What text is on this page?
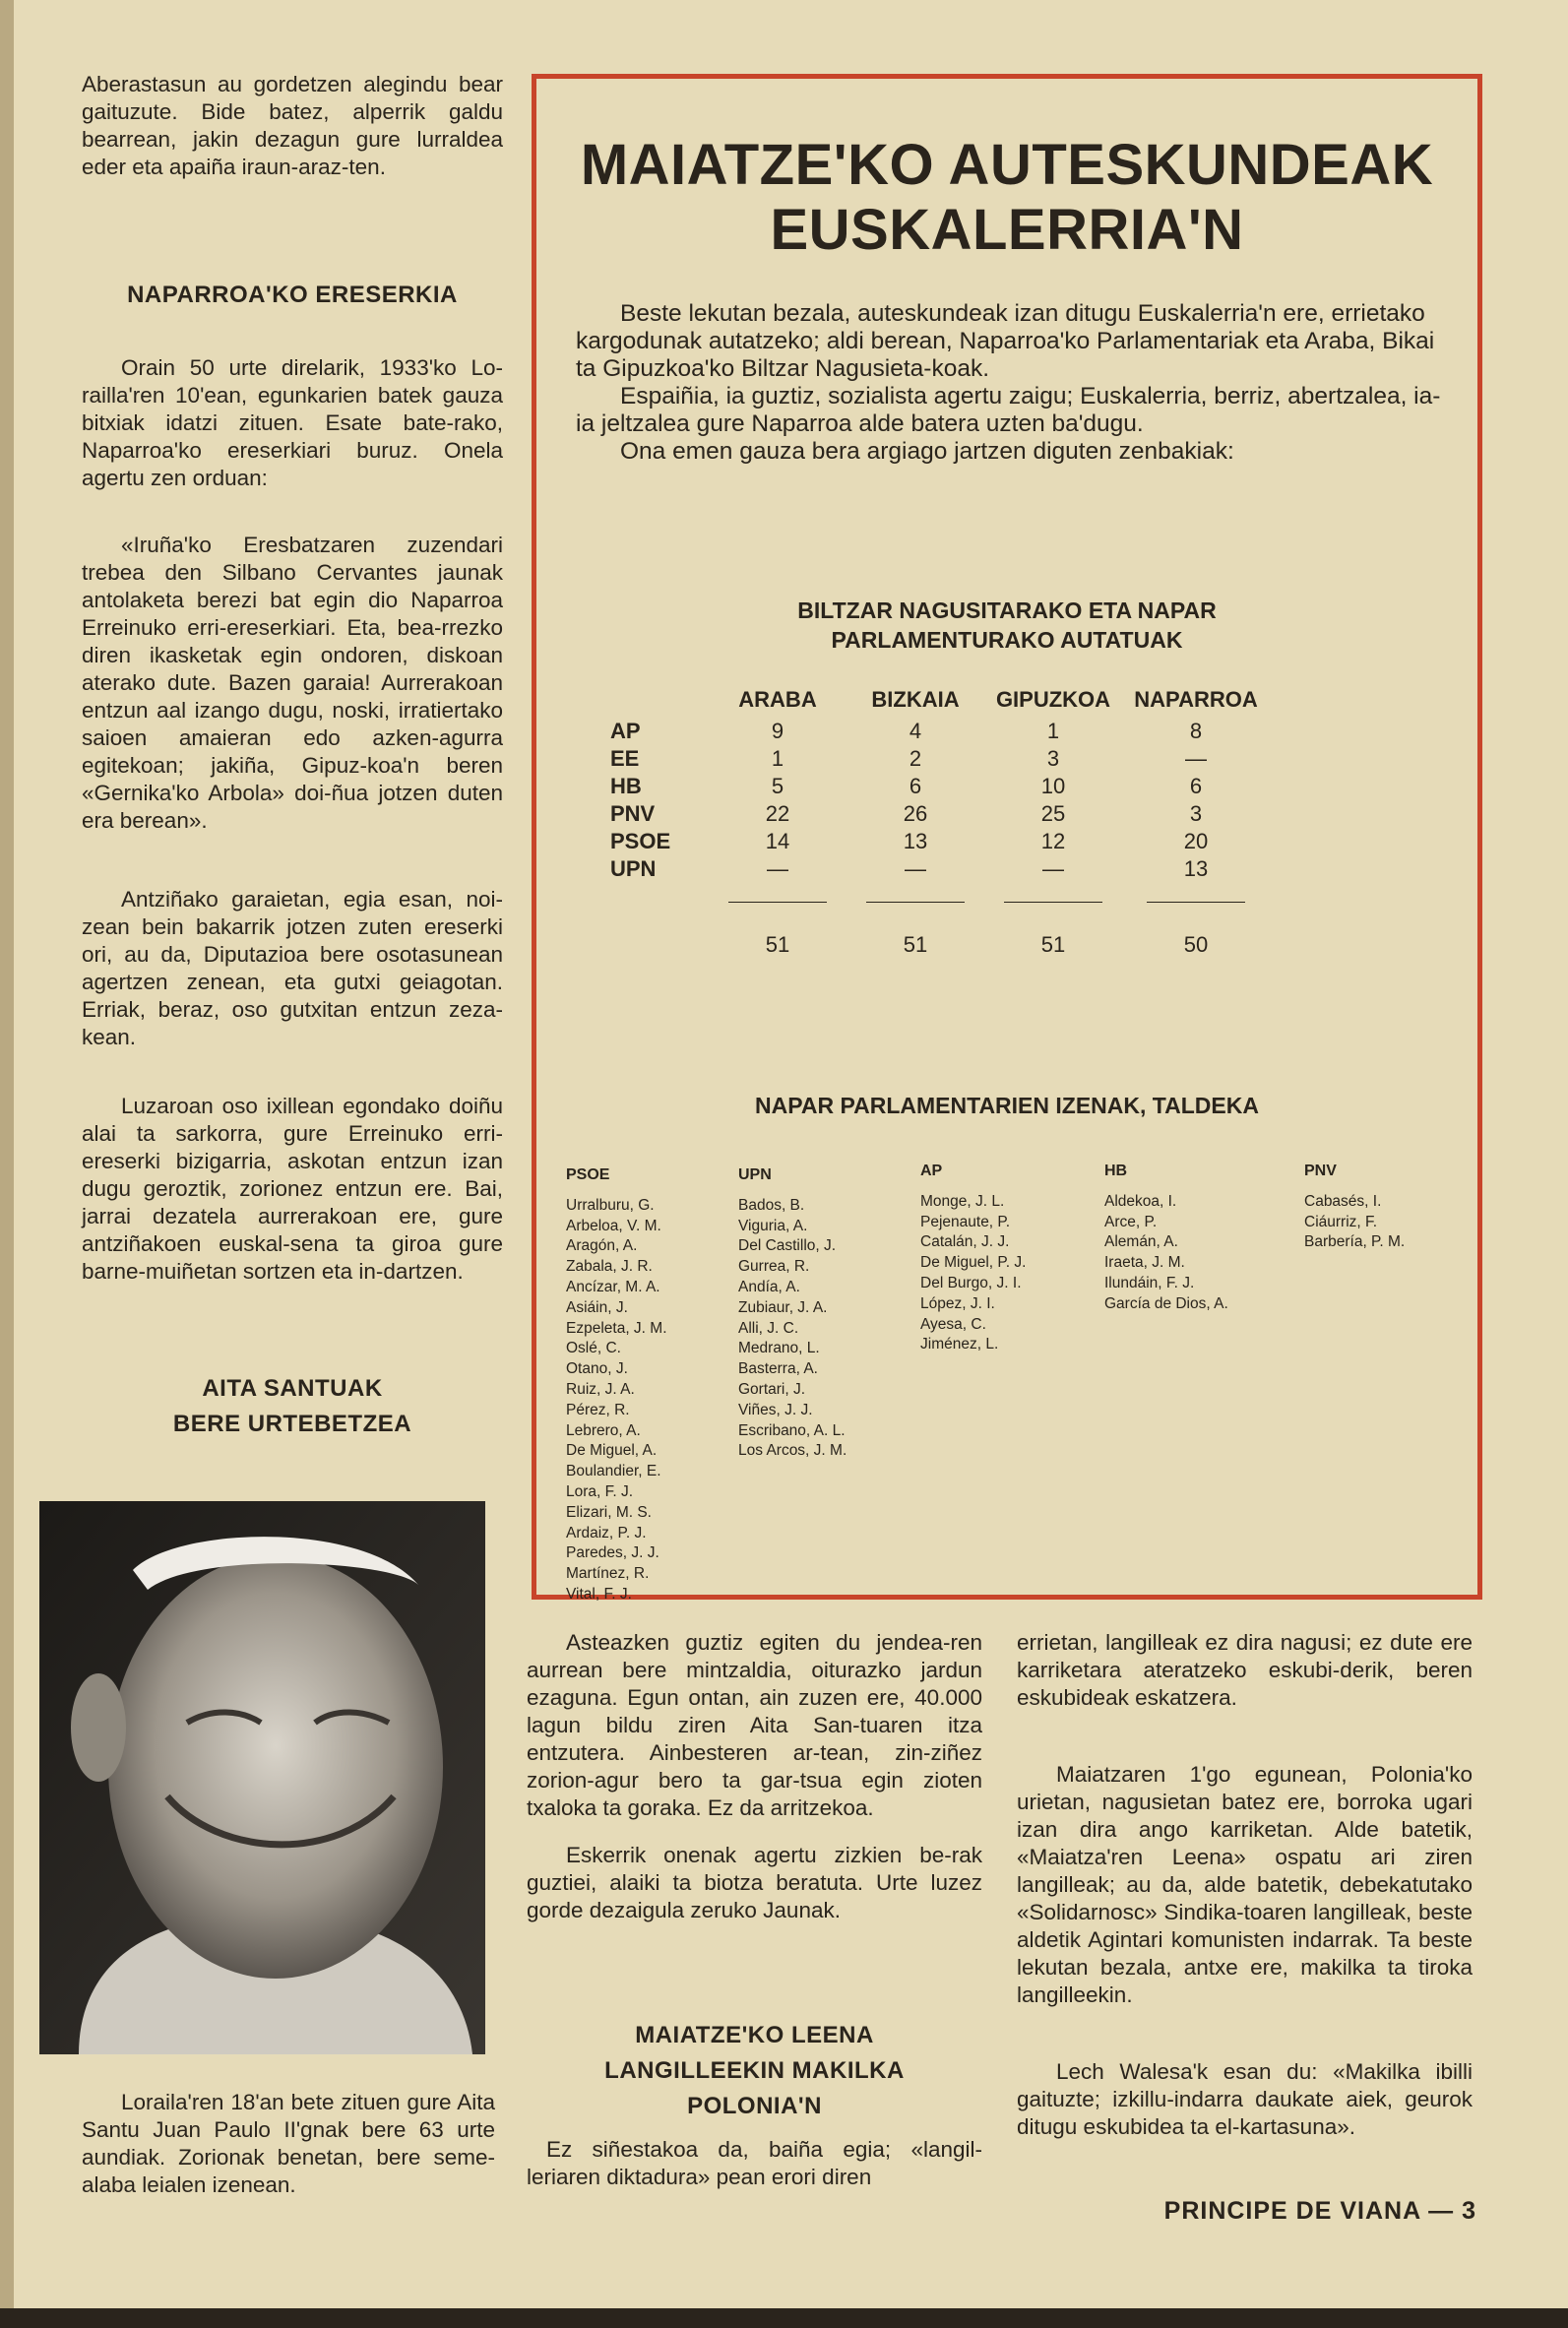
Aberastasun au gordetzen alegindu bear gaituzute. Bide batez, alperrik galdu bearrean, jakin dezagun gure lurraldea eder eta apaiña iraun-araz-ten.

NAPARROA'KO ERESERKIA

Orain 50 urte direlarik, 1933'ko Lo-railla'ren 10'ean, egunkarien batek gauza bitxiak idatzi zituen. Esate bate-rako, Naparroa'ko ereserkiari buruz. Onela agertu zen orduan:

«Iruña'ko Eresbatzaren zuzendari trebea den Silbano Cervantes jaunak antolaketa berezi bat egin dio Naparroa Erreinuko erri-ereserkiari. Eta, bea-rrezko diren ikasketak egin ondoren, diskoan aterako dute. Bazen garaia! Aurrerakoan entzun aal izango dugu, noski, irratiertako saioen amaieran edo azken-agurra egitekoan; jakiña, Gipuz-koa'n beren «Gernika'ko Arbola» doi-ñua jotzen duten era berean».

Antziñako garaietan, egia esan, noi-zean bein bakarrik jotzen zuten ereserki ori, au da, Diputazioa bere osotasunean agertzen zenean, eta gutxi geiagotan. Erriak, beraz, oso gutxitan entzun zeza-kean.

Luzaroan oso ixillean egondako doiñu alai ta sarkorra, gure Erreinuko erri-ereserki bizigarria, askotan entzun izan dugu geroztik, zorionez entzun ere. Bai, jarrai dezatela aurrerakoan ere, gure antziñakoen euskal-sena ta giroa gure barne-muiñetan sortzen eta in-dartzen.

AITA SANTUAK
BERE URTEBETZEA

Loraila'ren 18'an bete zituen gure Aita Santu Juan Paulo II'gnak bere 63 urte aundiak. Zorionak benetan, bere seme-alaba leialen izenean.

MAIATZE'KO AUTESKUNDEAK
EUSKALERRIA'N

Beste lekutan bezala, auteskundeak izan ditugu Euskalerria'n ere, errietako kargodunak autatzeko; aldi berean, Naparroa'ko Parlamentariak eta Araba, Bikai ta Gipuzkoa'ko Biltzar Nagusieta-koak.

Espaiñia, ia guztiz, sozialista agertu zaigu; Euskalerria, berriz, abertzalea, ia-ia jeltzalea gure Naparroa alde batera uzten ba'dugu.

Ona emen gauza bera argiago jartzen diguten zenbakiak:

BILTZAR NAGUSITARAKO ETA NAPAR
PARLAMENTURAKO AUTATUAK
	ARABA	BIZKAIA	GIPUZKOA	NAPARROA
AP	9	4	1	8
EE	1	2	3	—
HB	5	6	10	6
PNV	22	26	25	3
PSOE	14	13	12	20
UPN	—	—	—	13

	51	51	51	50
NAPAR PARLAMENTARIEN IZENAK, TALDEKA
PSOE
Urralburu, G.
Arbeloa, V. M.
Aragón, A.
Zabala, J. R.
Ancízar, M. A.
Asiáin, J.
Ezpeleta, J. M.
Oslé, C.
Otano, J.
Ruiz, J. A.
Pérez, R.
Lebrero, A.
De Miguel, A.
Boulandier, E.
Lora, F. J.
Elizari, M. S.
Ardaiz, P. J.
Paredes, J. J.
Martínez, R.
Vital, F. J.
UPN
Bados, B.
Viguria, A.
Del Castillo, J.
Gurrea, R.
Andía, A.
Zubiaur, J. A.
Alli, J. C.
Medrano, L.
Basterra, A.
Gortari, J.
Viñes, J. J.
Escribano, A. L.
Los Arcos, J. M.
AP
Monge, J. L.
Pejenaute, P.
Catalán, J. J.
De Miguel, P. J.
Del Burgo, J. I.
López, J. I.
Ayesa, C.
Jiménez, L.
HB
Aldekoa, I.
Arce, P.
Alemán, A.
Iraeta, J. M.
Ilundáin, F. J.
García de Dios, A.
PNV
Cabasés, I.
Ciáurriz, F.
Barbería, P. M.

Asteazken guztiz egiten du jendea-ren aurrean bere mintzaldia, oiturazko jardun ezaguna. Egun ontan, ain zuzen ere, 40.000 lagun bildu ziren Aita San-tuaren itza entzutera. Ainbesteren ar-tean, zin-ziñez zorion-agur bero ta gar-tsua egin zioten txaloka ta goraka. Ez da arritzekoa.

Eskerrik onenak agertu zizkien be-rak guztiei, alaiki ta biotza beratuta. Urte luzez gorde dezaigula zeruko Jaunak.

MAIATZE'KO LEENA
LANGILLEEKIN MAKILKA
POLONIA'N

Ez siñestakoa da, baiña egia; «langil-leriaren diktadura» pean erori diren

errietan, langilleak ez dira nagusi; ez dute ere karriketara ateratzeko eskubi-derik, beren eskubideak eskatzera.

Maiatzaren 1'go egunean, Polonia'ko urietan, nagusietan batez ere, borroka ugari izan dira ango karriketan. Alde batetik, «Maiatza'ren Leena» ospatu ari ziren langilleak; au da, alde batetik, debekatutako «Solidarnosc» Sindika-toaren langilleak, beste aldetik Agintari komunisten indarrak. Ta beste lekutan bezala, antxe ere, makilka ta tiroka langilleekin.

Lech Walesa'k esan du: «Makilka ibilli gaituzte; izkillu-indarra daukate aiek, geurok ditugu eskubidea ta el-kartasuna».

PRINCIPE DE VIANA — 3
